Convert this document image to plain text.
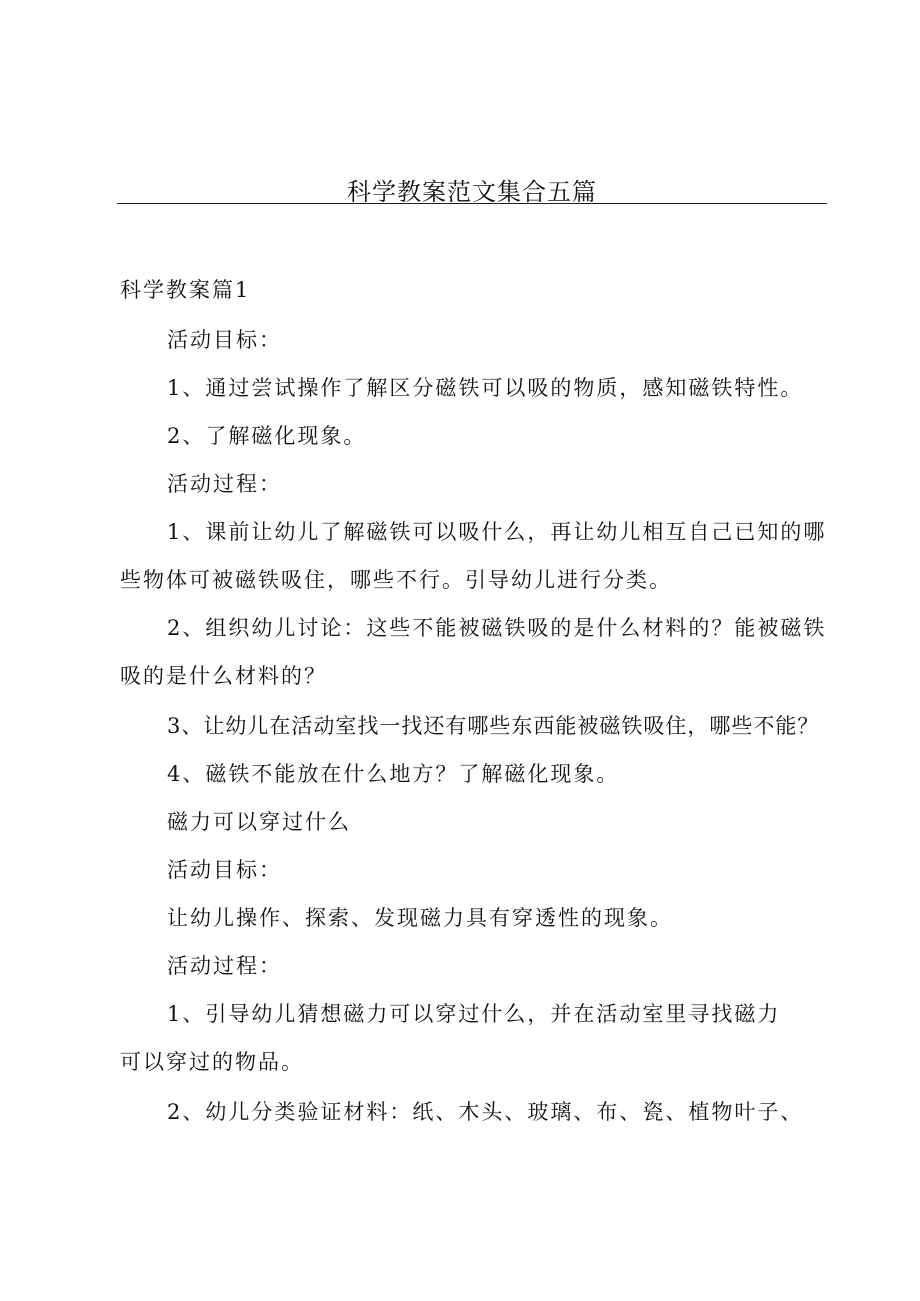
科学教案范文集合五篇
科学教案篇1
活动目标：
1、通过尝试操作了解区分磁铁可以吸的物质，感知磁铁特性。
2、了解磁化现象。
活动过程：
1、课前让幼儿了解磁铁可以吸什么，再让幼儿相互自己已知的哪
些物体可被磁铁吸住，哪些不行。引导幼儿进行分类。
2、组织幼儿讨论：这些不能被磁铁吸的是什么材料的？能被磁铁
吸的是什么材料的？
3、让幼儿在活动室找一找还有哪些东西能被磁铁吸住，哪些不能？
4、磁铁不能放在什么地方？了解磁化现象。
磁力可以穿过什么
活动目标：
让幼儿操作、探索、发现磁力具有穿透性的现象。
活动过程：
1、引导幼儿猜想磁力可以穿过什么，并在活动室里寻找磁力
可以穿过的物品。
2、幼儿分类验证材料：纸、木头、玻璃、布、瓷、植物叶子、
